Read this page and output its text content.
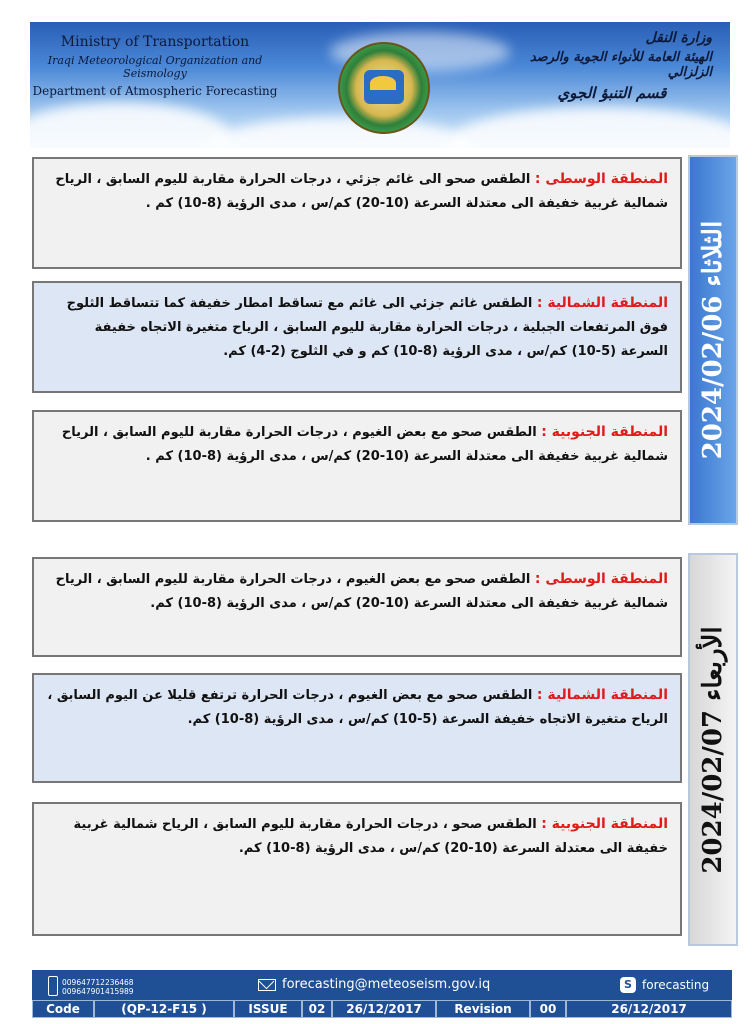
Ministry of Transportation
Iraqi Meteorological Organization and Seismology
Department of Atmospheric Forecasting
وزارة النقل
الهيئة العامة للأنواء الجوية والرصد الزلزالي
قسم التنبؤ الجوي
الثلاثاء 2024/02/06
الأربعاء 2024/02/07
المنطقة الوسطى : الطقس صحو الى غائم جزئي ، درجات الحرارة مقاربة لليوم السابق ، الرياح شمالية غربية خفيفة الى معتدلة السرعة (10-20) كم/س ، مدى الرؤية (8-10) كم .
المنطقة الشمالية : الطقس غائم جزئي الى غائم مع تساقط امطار خفيفة كما تتساقط الثلوج فوق المرتفعات الجبلية ، درجات الحرارة مقاربة لليوم السابق ، الرياح متغيرة الاتجاه خفيفة السرعة (5-10) كم/س ، مدى الرؤية (8-10) كم و في الثلوج (2-4) كم.
المنطقة الجنوبية : الطقس صحو مع بعض الغيوم ، درجات الحرارة مقاربة لليوم السابق ، الرياح شمالية غربية خفيفة الى معتدلة السرعة (10-20) كم/س ، مدى الرؤية (8-10) كم .
المنطقة الوسطى : الطقس صحو مع بعض الغيوم ، درجات الحرارة مقاربة لليوم السابق ، الرياح شمالية غربية خفيفة الى معتدلة السرعة (10-20) كم/س ، مدى الرؤية (8-10) كم.
المنطقة الشمالية : الطقس صحو مع بعض الغيوم ، درجات الحرارة ترتفع قليلا عن اليوم السابق ، الرياح متغيرة الاتجاه خفيفة السرعة (5-10) كم/س ، مدى الرؤية (8-10) كم.
المنطقة الجنوبية : الطقس صحو ، درجات الحرارة مقاربة لليوم السابق ، الرياح شمالية غربية خفيفة الى معتدلة السرعة (10-20) كم/س ، مدى الرؤية (8-10) كم.
009647712236468
009647901415989	forecasting@meteoseism.gov.iq	S forecasting
Code	(QP-12-F15 )	ISSUE	02	26/12/2017	Revision	00	26/12/2017
